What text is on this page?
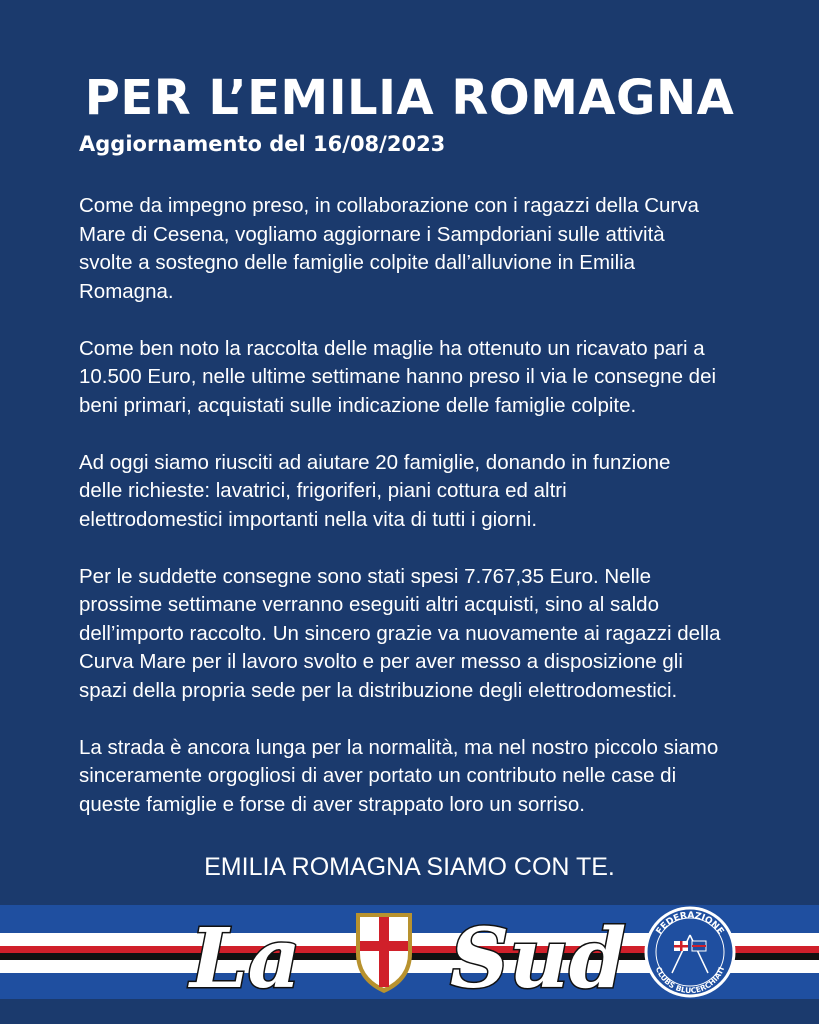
PER L’EMILIA ROMAGNA
Aggiornamento del 16/08/2023

Come da impegno preso, in collaborazione con i ragazzi della Curva
Mare di Cesena, vogliamo aggiornare i Sampdoriani sulle attività
svolte a sostegno delle famiglie colpite dall’alluvione in Emilia
Romagna.

Come ben noto la raccolta delle maglie ha ottenuto un ricavato pari a
10.500 Euro, nelle ultime settimane hanno preso il via le consegne dei
beni primari, acquistati sulle indicazione delle famiglie colpite.

Ad oggi siamo riusciti ad aiutare 20 famiglie, donando in funzione
delle richieste: lavatrici, frigoriferi, piani cottura ed altri
elettrodomestici importanti nella vita di tutti i giorni.

Per le suddette consegne sono stati spesi 7.767,35 Euro. Nelle
prossime settimane verranno eseguiti altri acquisti, sino al saldo
dell’importo raccolto. Un sincero grazie va nuovamente ai ragazzi della
Curva Mare per il lavoro svolto e per aver messo a disposizione gli
spazi della propria sede per la distribuzione degli elettrodomestici.

La strada è ancora lunga per la normalità, ma nel nostro piccolo siamo
sinceramente orgogliosi di aver portato un contributo nelle case di
queste famiglie e forse di aver strappato loro un sorriso.

EMILIA ROMAGNA SIAMO CON TE.

La Sud	FEDERAZIONE
CLUBS BLUCERCHIATI
